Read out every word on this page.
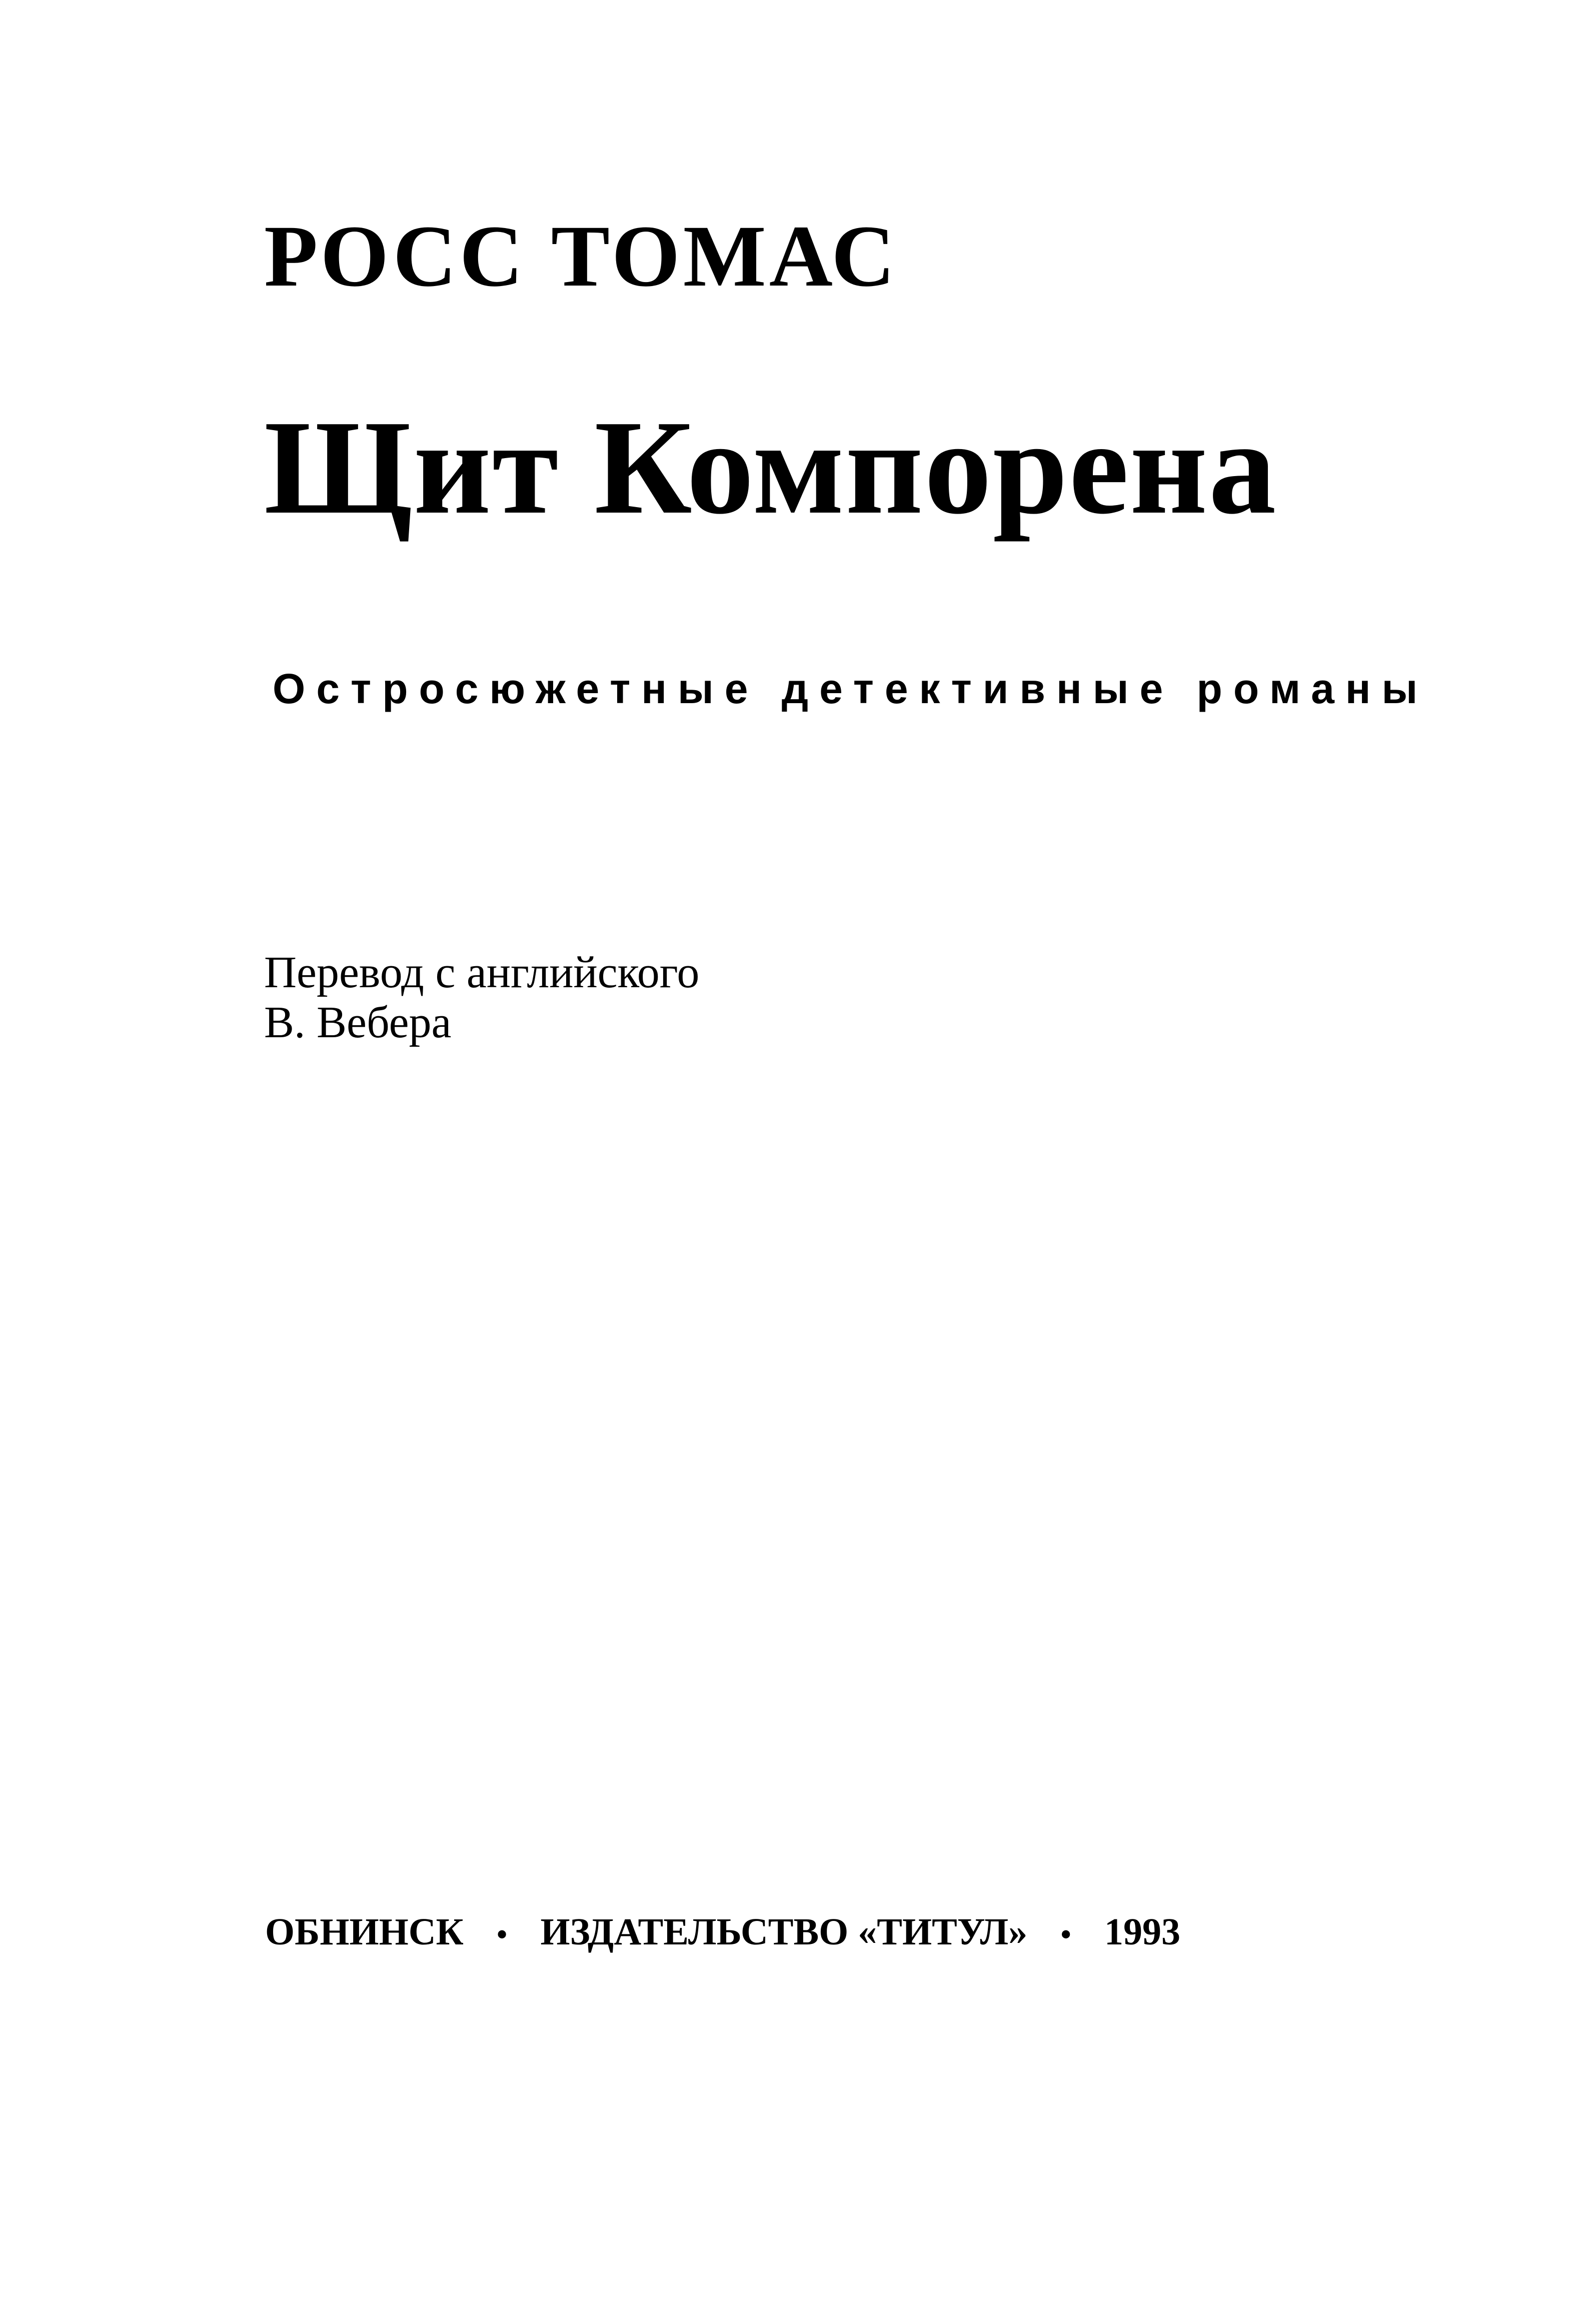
РОСС ТОМАС
Щит Компорена
Остросюжетные детективные романы
Перевод с английского
В. Вебера
ОБНИНСК • ИЗДАТЕЛЬСТВО «ТИТУЛ» • 1993
